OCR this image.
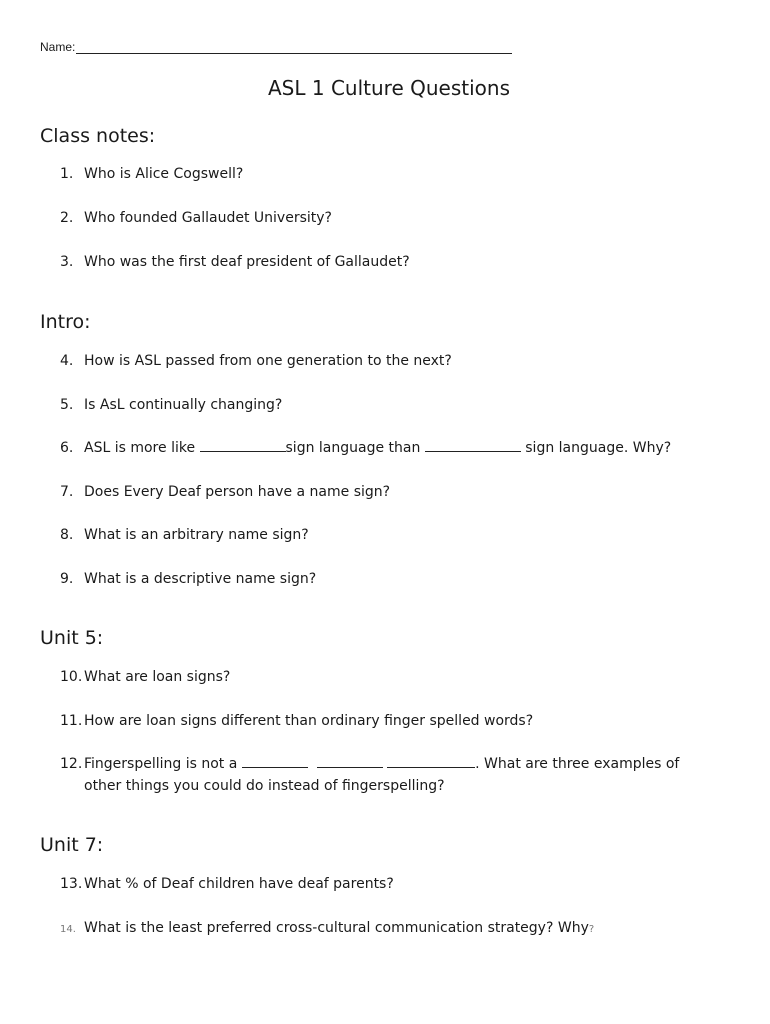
Name:
ASL 1 Culture Questions
Class notes:
1. Who is Alice Cogswell?
2. Who founded Gallaudet University?
3. Who was the first deaf president of Gallaudet?
Intro:
4. How is ASL passed from one generation to the next?
5. Is AsL continually changing?
6. ASL is more like	sign language than	sign language. Why?
7. Does Every Deaf person have a name sign?
8. What is an arbitrary name sign?
9. What is a descriptive name sign?
Unit 5:
10. What are loan signs?
11. How are loan signs different than ordinary finger spelled words?
12. Fingerspelling is not a	. What are three examples of
other things you could do instead of fingerspelling?
Unit 7:
13. What % of Deaf children have deaf parents?
14. What is the least preferred cross-cultural communication strategy? Why?
